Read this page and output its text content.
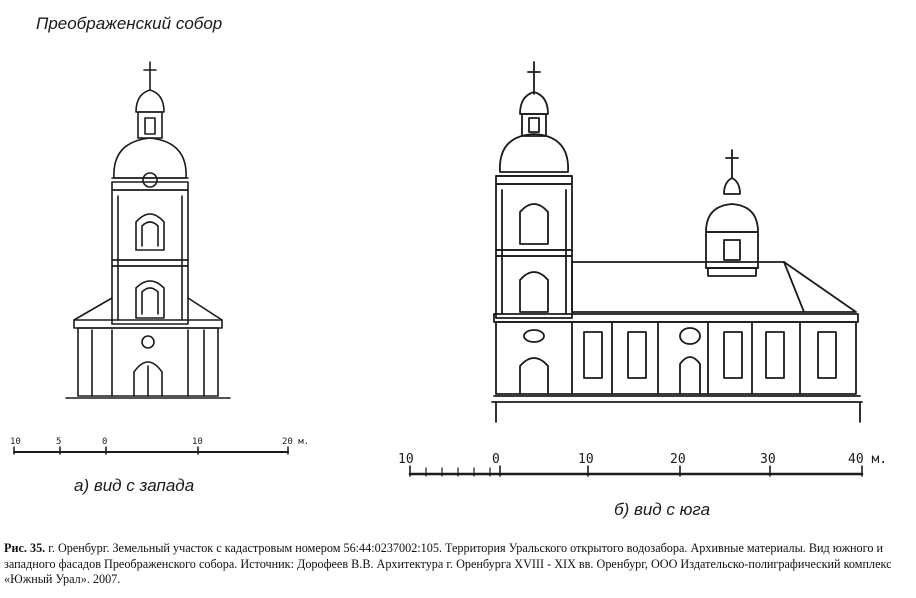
Преображенский собор
10	5	0	10	20 м.
10	0	10	20	30	40 м.
а) вид с запада
б) вид с юга
Рис. 35. г. Оренбург. Земельный участок с кадастровым номером 56:44:0237002:105. Территория Уральского открытого водозабора. Архивные материалы. Вид южного и западного фасадов Преображенского собора. Источник: Дорофеев В.В. Архитектура г. Оренбурга XVIII - XIX вв. Оренбург, ООО Издательско-полиграфический комплекс «Южный Урал». 2007.
